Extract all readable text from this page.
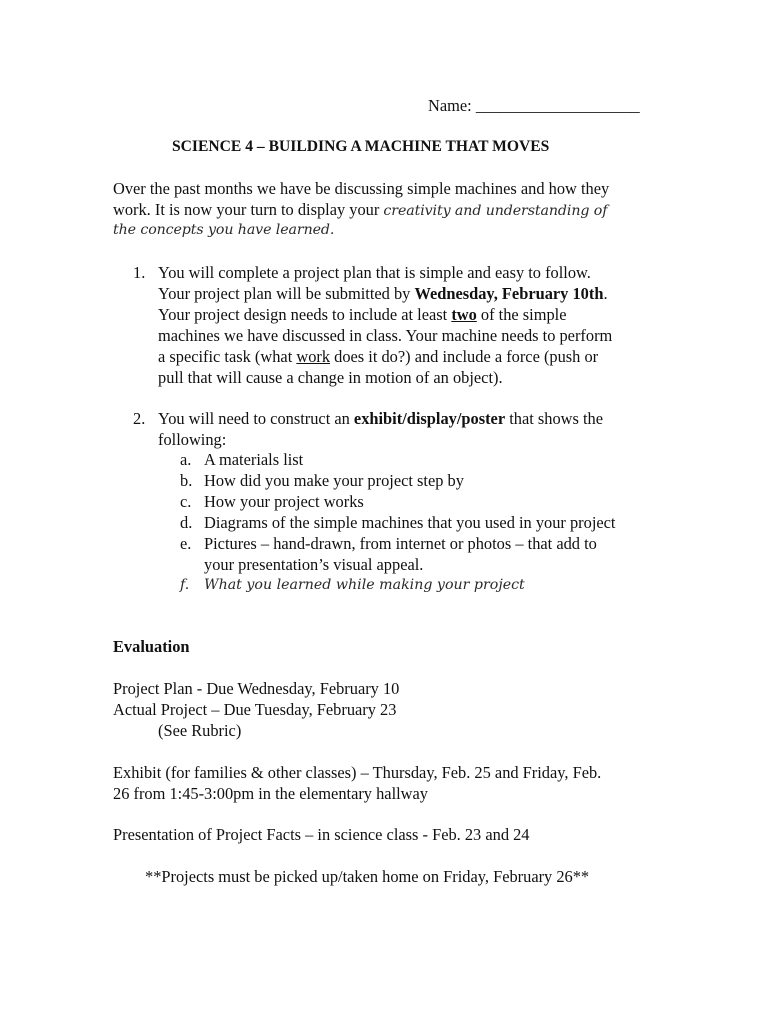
Name: ____________________
SCIENCE 4 – BUILDING A MACHINE THAT MOVES
Over the past months we have be discussing simple machines and how they
work. It is now your turn to display your creativity and understanding of
the concepts you have learned.
1. You will complete a project plan that is simple and easy to follow.
Your project plan will be submitted by Wednesday, February 10th.
Your project design needs to include at least two of the simple
machines we have discussed in class. Your machine needs to perform
a specific task (what work does it do?) and include a force (push or
pull that will cause a change in motion of an object).
2. You will need to construct an exhibit/display/poster that shows the
following:
a. A materials list
b. How did you make your project step by
c. How your project works
d. Diagrams of the simple machines that you used in your project
e. Pictures – hand-drawn, from internet or photos – that add to
your presentation’s visual appeal.
f. What you learned while making your project
Evaluation
Project Plan - Due Wednesday, February 10
Actual Project – Due Tuesday, February 23
(See Rubric)
Exhibit (for families & other classes) – Thursday, Feb. 25 and Friday, Feb.
26 from 1:45-3:00pm in the elementary hallway
Presentation of Project Facts – in science class - Feb. 23 and 24
**Projects must be picked up/taken home on Friday, February 26**
